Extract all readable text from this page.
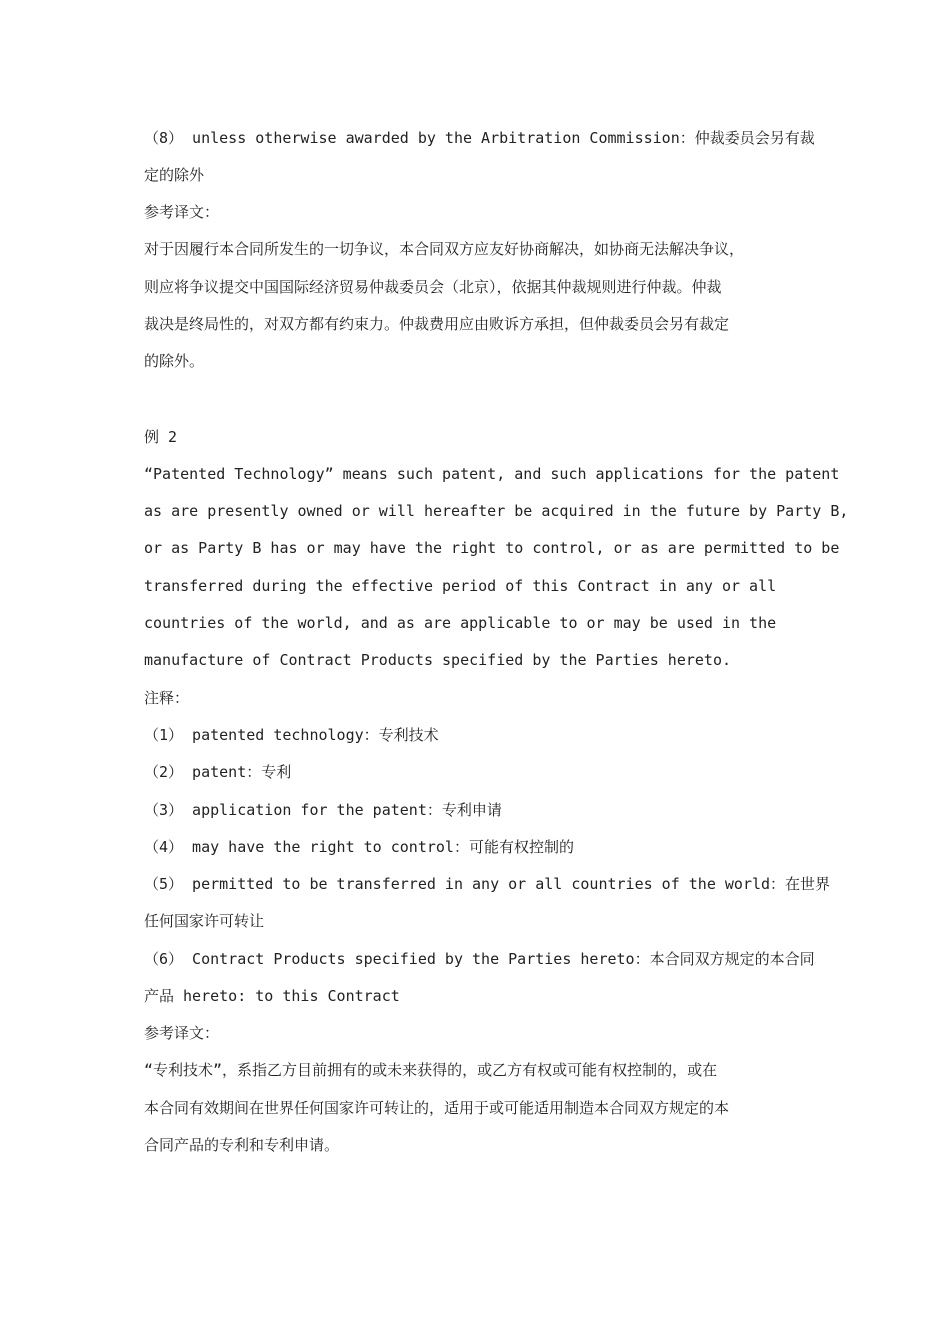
（8） unless otherwise awarded by the Arbitration Commission：仲裁委员会另有裁
定的除外
参考译文：
对于因履行本合同所发生的一切争议，本合同双方应友好协商解决，如协商无法解决争议，
则应将争议提交中国国际经济贸易仲裁委员会（北京），依据其仲裁规则进行仲裁。仲裁
裁决是终局性的，对双方都有约束力。仲裁费用应由败诉方承担，但仲裁委员会另有裁定
的除外。
例 2
“Patented Technology” means such patent, and such applications for the patent
as are presently owned or will hereafter be acquired in the future by Party B,
or as Party B has or may have the right to control, or as are permitted to be
transferred during the effective period of this Contract in any or all
countries of the world, and as are applicable to or may be used in the
manufacture of Contract Products specified by the Parties hereto.
注释：
（1） patented technology：专利技术
（2） patent：专利
（3） application for the patent：专利申请
（4） may have the right to control：可能有权控制的
（5） permitted to be transferred in any or all countries of the world：在世界
任何国家许可转让
（6） Contract Products specified by the Parties hereto：本合同双方规定的本合同
产品 hereto: to this Contract
参考译文：
“专利技术”，系指乙方目前拥有的或未来获得的，或乙方有权或可能有权控制的，或在
本合同有效期间在世界任何国家许可转让的，适用于或可能适用制造本合同双方规定的本
合同产品的专利和专利申请。
